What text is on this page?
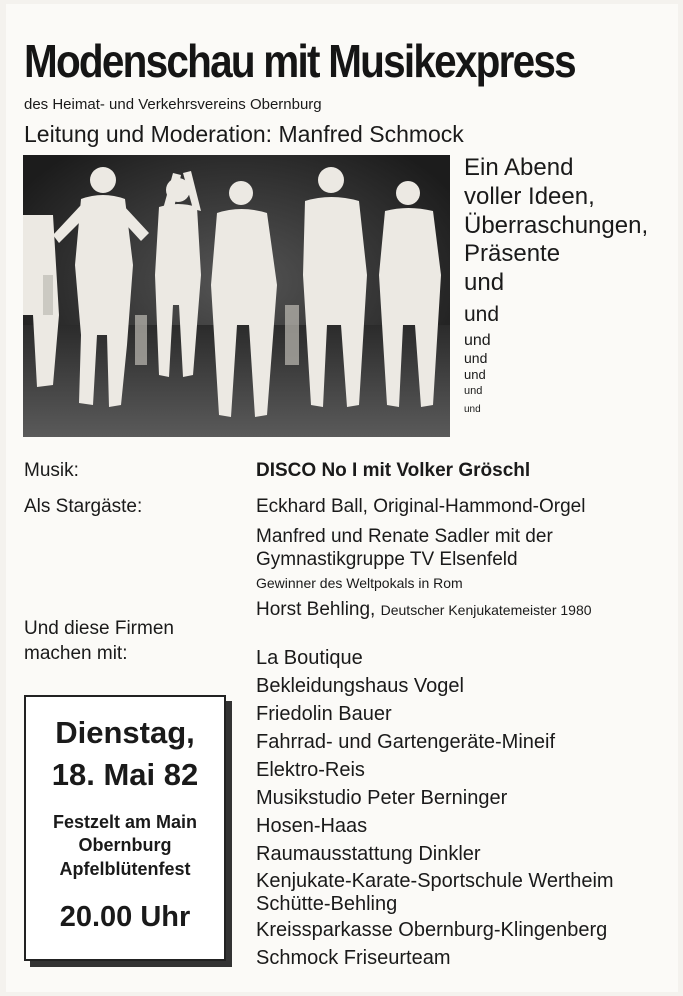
Modenschau mit Musikexpress
des Heimat- und Verkehrsvereins Obernburg
Leitung und Moderation: Manfred Schmock
Ein Abend
voller Ideen,
Überraschungen,
Präsente
und
und
und
und
und
und
und
Musik:	DISCO No I mit Volker Gröschl
Als Stargäste:	Eckhard Ball, Original-Hammond-Orgel
Manfred und Renate Sadler mit der
Gymnastikgruppe TV Elsenfeld
Gewinner des Weltpokals in Rom
Horst Behling, Deutscher Kenjukatemeister 1980
Und diese Firmen
machen mit:	La Boutique
Bekleidungshaus Vogel
Friedolin Bauer
Fahrrad- und Gartengeräte-Mineif
Elektro-Reis
Musikstudio Peter Berninger
Hosen-Haas
Raumausstattung Dinkler
Kenjukate-Karate-Sportschule Wertheim
Schütte-Behling
Kreissparkasse Obernburg-Klingenberg
Schmock Friseurteam
Dienstag,
18. Mai 82
Festzelt am Main
Obernburg
Apfelblütenfest
20.00 Uhr
